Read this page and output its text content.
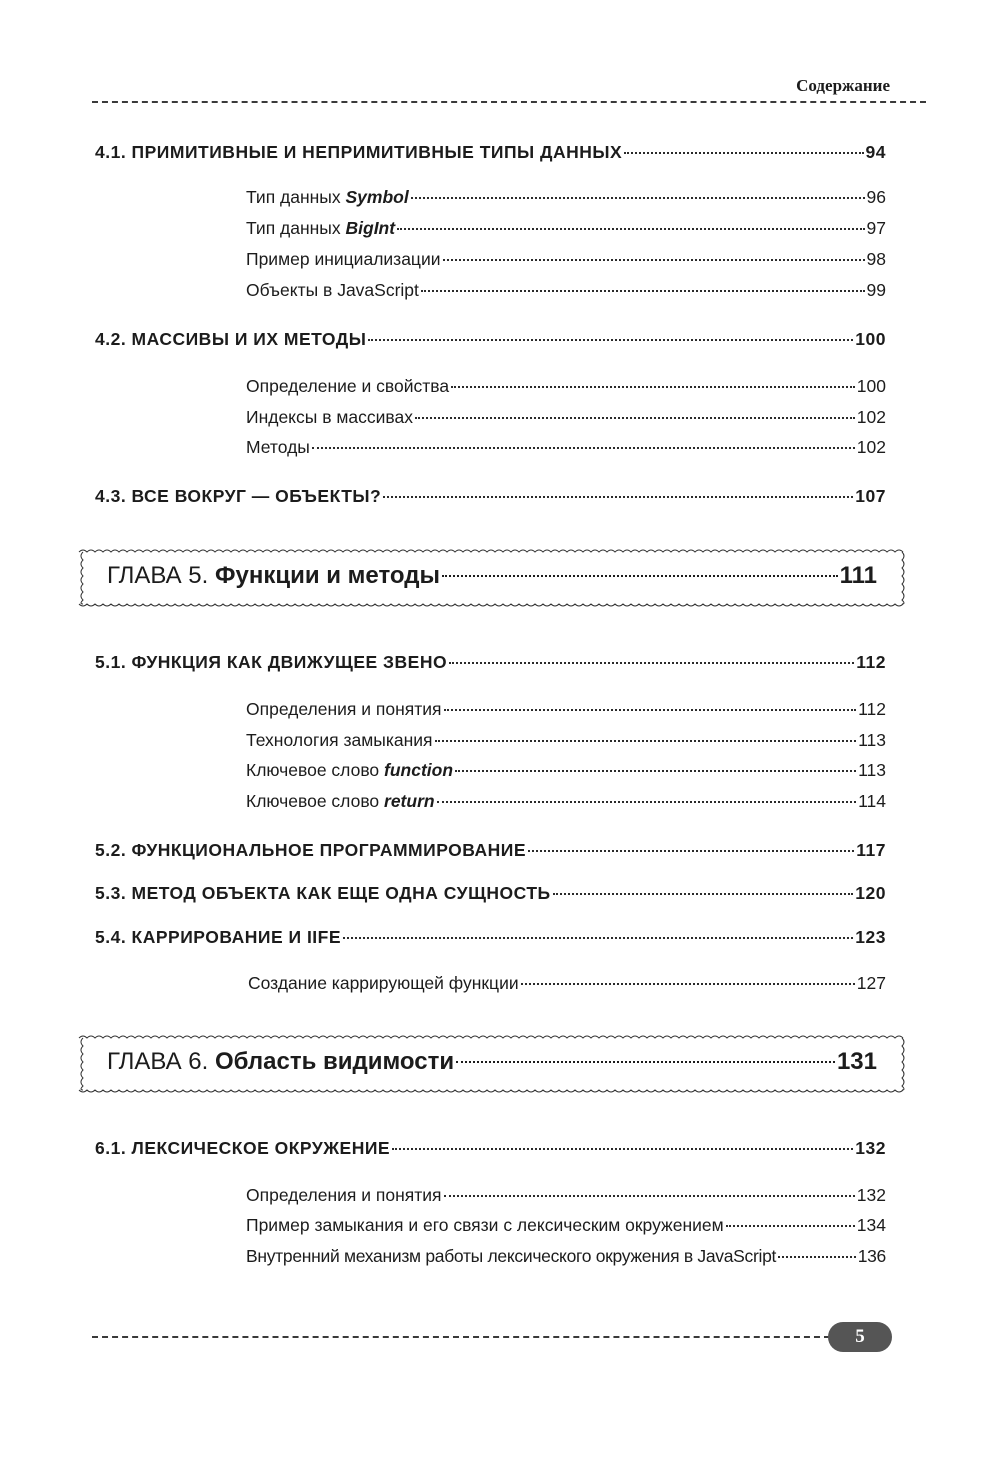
Содержание
4.1. ПРИМИТИВНЫЕ И НЕПРИМИТИВНЫЕ ТИПЫ ДАННЫХ	94
Тип данных Symbol	96
Тип данных BigInt	97
Пример инициализации	98
Объекты в JavaScript	99
4.2. МАССИВЫ И ИХ МЕТОДЫ	100
Определение и свойства	100
Индексы в массивах	102
Методы	102
4.3. ВСЕ ВОКРУГ — ОБЪЕКТЫ?	107
ГЛАВА 5. Функции и методы	111
5.1. ФУНКЦИЯ КАК ДВИЖУЩЕЕ ЗВЕНО	112
Определения и понятия	112
Технология замыкания	113
Ключевое слово function	113
Ключевое слово return	114
5.2. ФУНКЦИОНАЛЬНОЕ ПРОГРАММИРОВАНИЕ	117
5.3. МЕТОД ОБЪЕКТА КАК ЕЩЕ ОДНА СУЩНОСТЬ	120
5.4. КАРРИРОВАНИЕ И IIFE	123
Создание каррирующей функции	127
ГЛАВА 6. Область видимости	131
6.1. ЛЕКСИЧЕСКОЕ ОКРУЖЕНИЕ	132
Определения и понятия	132
Пример замыкания и его связи с лексическим окружением	134
Внутренний механизм работы лексического окружения в JavaScript	136
5
